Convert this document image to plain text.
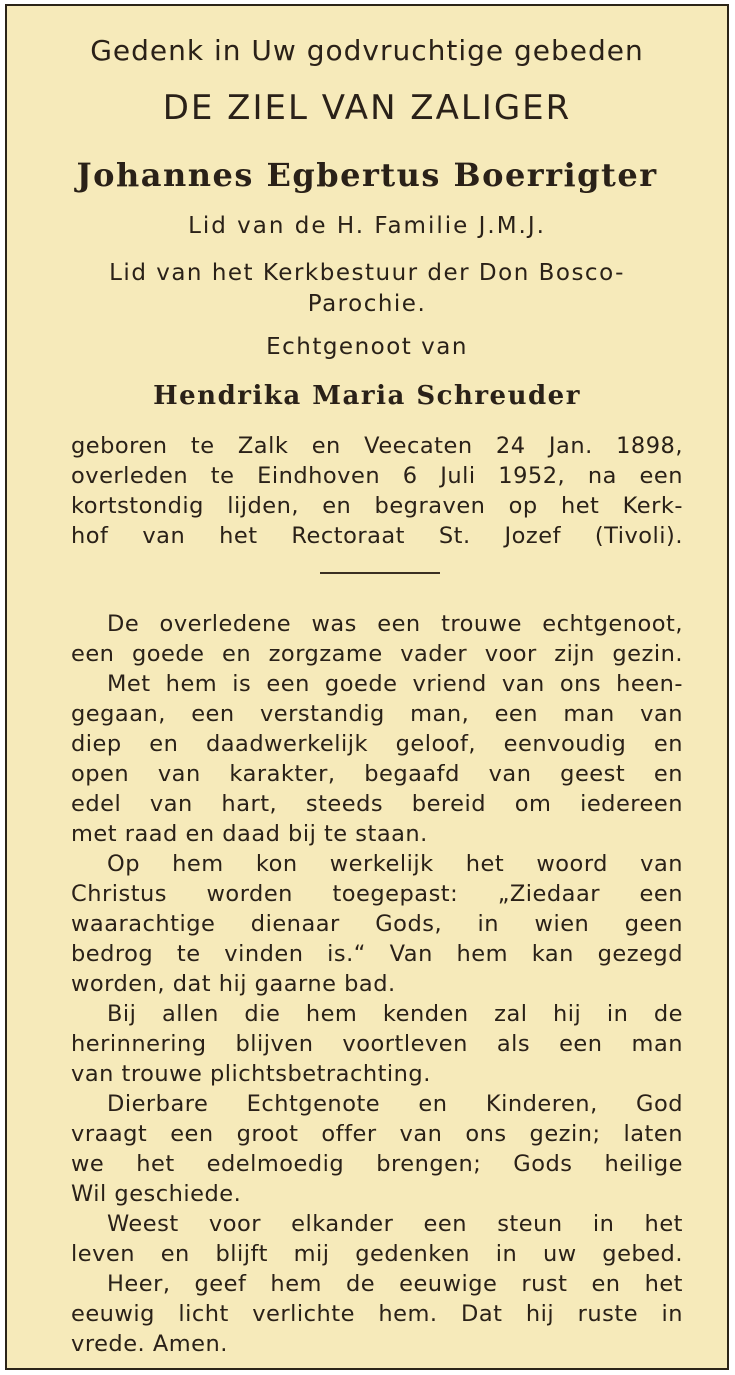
Gedenk in Uw godvruchtige gebeden
DE ZIEL VAN ZALIGER
Johannes Egbertus Boerrigter
Lid van de H. Familie J.M.J.
Lid van het Kerkbestuur der Don Bosco-
Parochie.
Echtgenoot van
Hendrika Maria Schreuder
geboren te Zalk en Veecaten 24 Jan. 1898,
overleden te Eindhoven 6 Juli 1952, na een
kortstondig lijden, en begraven op het Kerk-
hof van het Rectoraat St. Jozef (Tivoli).
De overledene was een trouwe echtgenoot,
een goede en zorgzame vader voor zijn gezin.
Met hem is een goede vriend van ons heen-
gegaan, een verstandig man, een man van
diep en daadwerkelijk geloof, eenvoudig en
open van karakter, begaafd van geest en
edel van hart, steeds bereid om iedereen
met raad en daad bij te staan.
Op hem kon werkelijk het woord van
Christus worden toegepast: „Ziedaar een
waarachtige dienaar Gods, in wien geen
bedrog te vinden is.“ Van hem kan gezegd
worden, dat hij gaarne bad.
Bij allen die hem kenden zal hij in de
herinnering blijven voortleven als een man
van trouwe plichtsbetrachting.
Dierbare Echtgenote en Kinderen, God
vraagt een groot offer van ons gezin; laten
we het edelmoedig brengen; Gods heilige
Wil geschiede.
Weest voor elkander een steun in het
leven en blijft mij gedenken in uw gebed.
Heer, geef hem de eeuwige rust en het
eeuwig licht verlichte hem. Dat hij ruste in
vrede. Amen.
